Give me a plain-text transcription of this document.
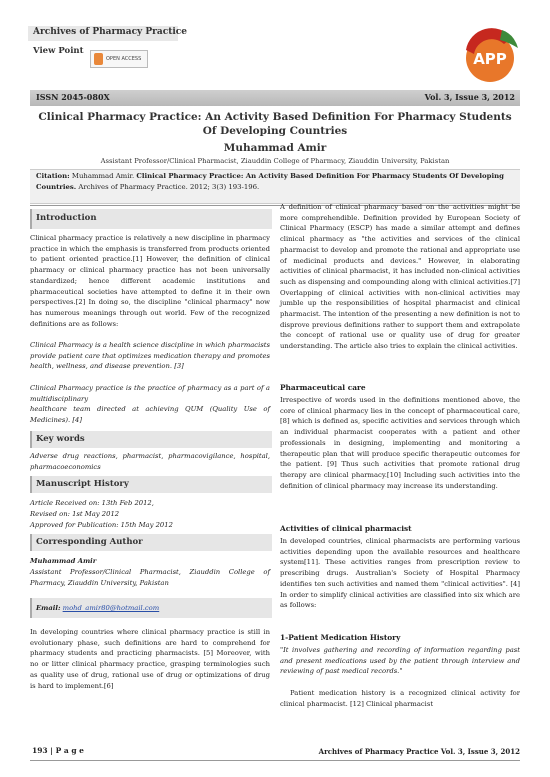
Archives of Pharmacy Practice
View Point
OPEN ACCESS	APP
ISSN 2045-080X	Vol. 3, Issue 3, 2012
Clinical Pharmacy Practice: An Activity Based Definition For Pharmacy Students Of Developing Countries
Muhammad Amir
Assistant Professor/Clinical Pharmacist, Ziauddin College of Pharmacy, Ziauddin University, Pakistan
Citation: Muhammad Amir. Clinical Pharmacy Practice: An Activity Based Definition For Pharmacy Students Of Developing Countries. Archives of Pharmacy Practice. 2012; 3(3) 193-196.
Introduction
Clinical pharmacy practice is relatively a new discipline in pharmacy practice in which the emphasis is transferred from products oriented to patient oriented practice.[1] However, the definition of clinical pharmacy or clinical pharmacy practice has not been universally standardized; hence different academic institutions and pharmaceutical societies have attempted to define it in their own perspectives.[2] In doing so, the discipline "clinical pharmacy" now has numerous meanings through out world. Few of the recognized definitions are as follows:
Clinical Pharmacy is a health science discipline in which pharmacists provide patient care that optimizes medication therapy and promotes health, wellness, and disease prevention. [3]
Clinical Pharmacy practice is the practice of pharmacy as a part of a multidisciplinary
healthcare team directed at achieving QUM (Quality Use of Medicines). [4]
Key words
Adverse drug reactions, pharmacist, pharmacovigilance, hospital, pharmacoeconomics
Manuscript History
Article Received on: 13th Feb 2012,
Revised on: 1st May 2012
Approved for Publication: 15th May 2012
Corresponding Author
Muhammad Amir
Assistant Professor/Clinical Pharmacist, Ziauddin College of Pharmacy, Ziauddin University, Pakistan
Email: mohd_amir80@hotmail.com
In developing countries where clinical pharmacy practice is still in evolutionary phase, such definitions are hard to comprehend for pharmacy students and practicing pharmacists. [5] Moreover, with no or litter clinical pharmacy practice, grasping terminologies such as quality use of drug, rational use of drug or optimizations of drug is hard to implement.[6]
A definition of clinical pharmacy based on the activities might be more comprehendible. Definition provided by European Society of Clinical Pharmacy (ESCP) has made a similar attempt and defines clinical pharmacy as "the activities and services of the clinical pharmacist to develop and promote the rational and appropriate use of medicinal products and devices." However, in elaborating activities of clinical pharmacist, it has included non-clinical activities such as dispensing and compounding along with clinical activities.[7] Overlapping of clinical activities with non-clinical activities may jumble up the responsibilities of hospital pharmacist and clinical pharmacist. The intention of the presenting a new definition is not to disprove previous definitions rather to support them and extrapolate the concept of rational use or quality use of drug for greater understanding. The article also tries to explain the clinical activities.
Pharmaceutical care
Irrespective of words used in the definitions mentioned above, the core of clinical pharmacy lies in the concept of pharmaceutical care,[8] which is defined as, specific activities and services through which an individual pharmacist cooperates with a patient and other professionals in designing, implementing and monitoring a therapeutic plan that will produce specific therapeutic outcomes for the patient. [9] Thus such activities that promote rational drug therapy are clinical pharmacy.[10] Including such activities into the definition of clinical pharmacy may increase its understanding.
Activities of clinical pharmacist
In developed countries, clinical pharmacists are performing various activities depending upon the available resources and healthcare system[11]. These activities ranges from prescription review to prescribing drugs. Australian's Society of Hospital Pharmacy identifies ten such activities and named them "clinical activities". [4] In order to simplify clinical activities are classified into six which are as follows:
1-Patient Medication History
"It involves gathering and recording of information regarding past and present medications used by the patient through interview and reviewing of past medical records."
Patient medication history is a recognized clinical activity for clinical pharmacist. [12] Clinical pharmacist
193 | P a g e	Archives of Pharmacy Practice Vol. 3, Issue 3, 2012
